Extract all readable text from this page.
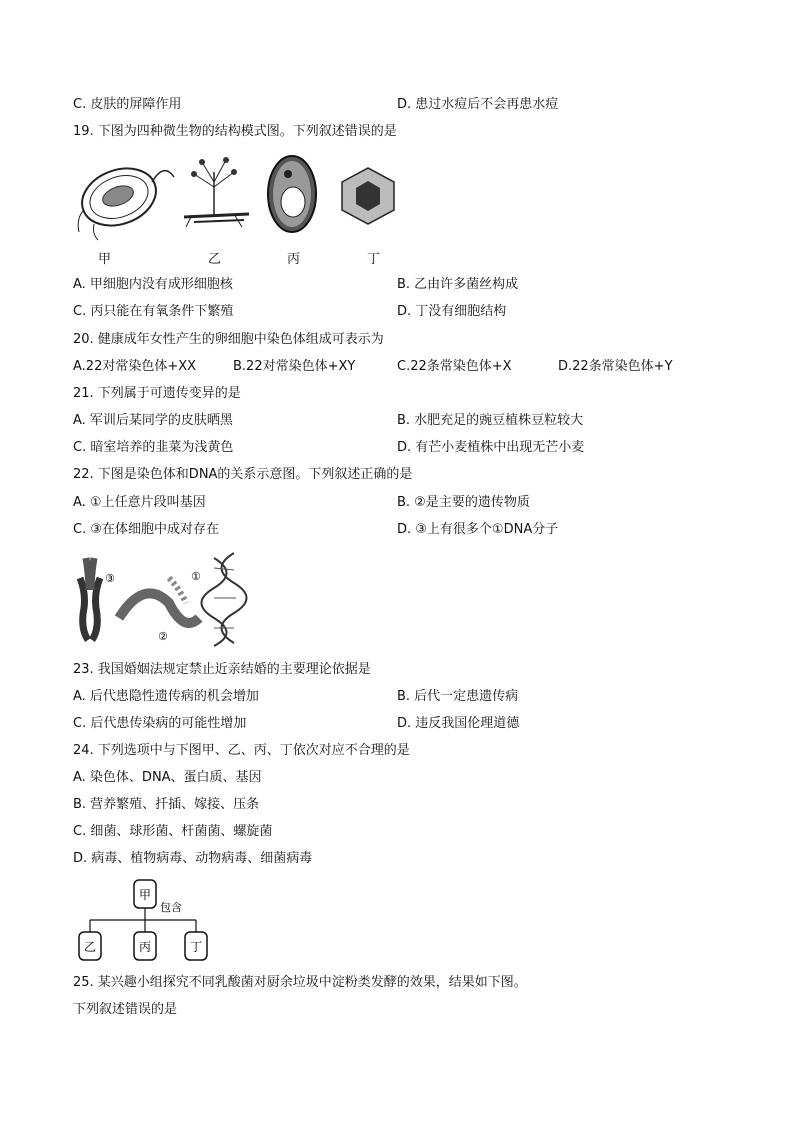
C. 皮肤的屏障作用	D. 患过水痘后不会再患水痘
19. 下图为四种微生物的结构模式图。下列叙述错误的是
甲	乙	丙	丁
A. 甲细胞内没有成形细胞核	B. 乙由许多菌丝构成
C. 丙只能在有氧条件下繁殖	D. 丁没有细胞结构
20. 健康成年女性产生的卵细胞中染色体组成可表示为
A.22对常染色体+XX	B.22对常染色体+XY	C.22条常染色体+X	D.22条常染色体+Y
21. 下列属于可遗传变异的是
A. 军训后某同学的皮肤晒黑	B. 水肥充足的豌豆植株豆粒较大
C. 暗室培养的韭菜为浅黄色	D. 有芒小麦植株中出现无芒小麦
22. 下图是染色体和DNA的关系示意图。下列叙述正确的是
A. ①上任意片段叫基因	B. ②是主要的遗传物质
C. ③在体细胞中成对存在	D. ③上有很多个①DNA分子
③	①
②
23. 我国婚姻法规定禁止近亲结婚的主要理论依据是
A. 后代患隐性遗传病的机会增加	B. 后代一定患遗传病
C. 后代患传染病的可能性增加	D. 违反我国伦理道德
24. 下列选项中与下图甲、乙、丙、丁依次对应不合理的是
A. 染色体、DNA、蛋白质、基因
B. 营养繁殖、扦插、嫁接、压条
C. 细菌、球形菌、杆菌菌、螺旋菌
D. 病毒、植物病毒、动物病毒、细菌病毒
甲
包含
乙	丙	丁
25. 某兴趣小组探究不同乳酸菌对厨余垃圾中淀粉类发酵的效果，结果如下图。
下列叙述错误的是
